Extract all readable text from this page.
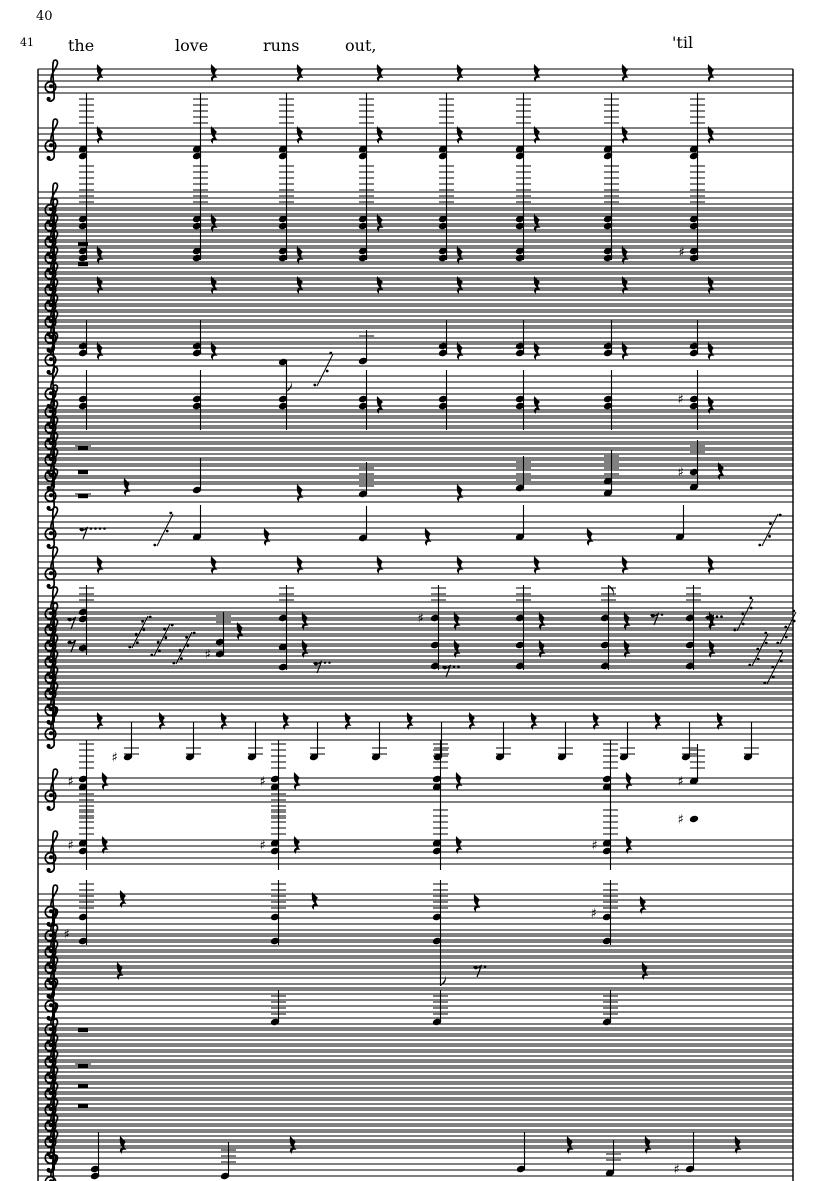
40
41 the	love	runs	out,	'til
♯
♯
♯
♯
♯
♯
♯	♯	♯
♯
♯	♯	♯
♯
♯
♯
